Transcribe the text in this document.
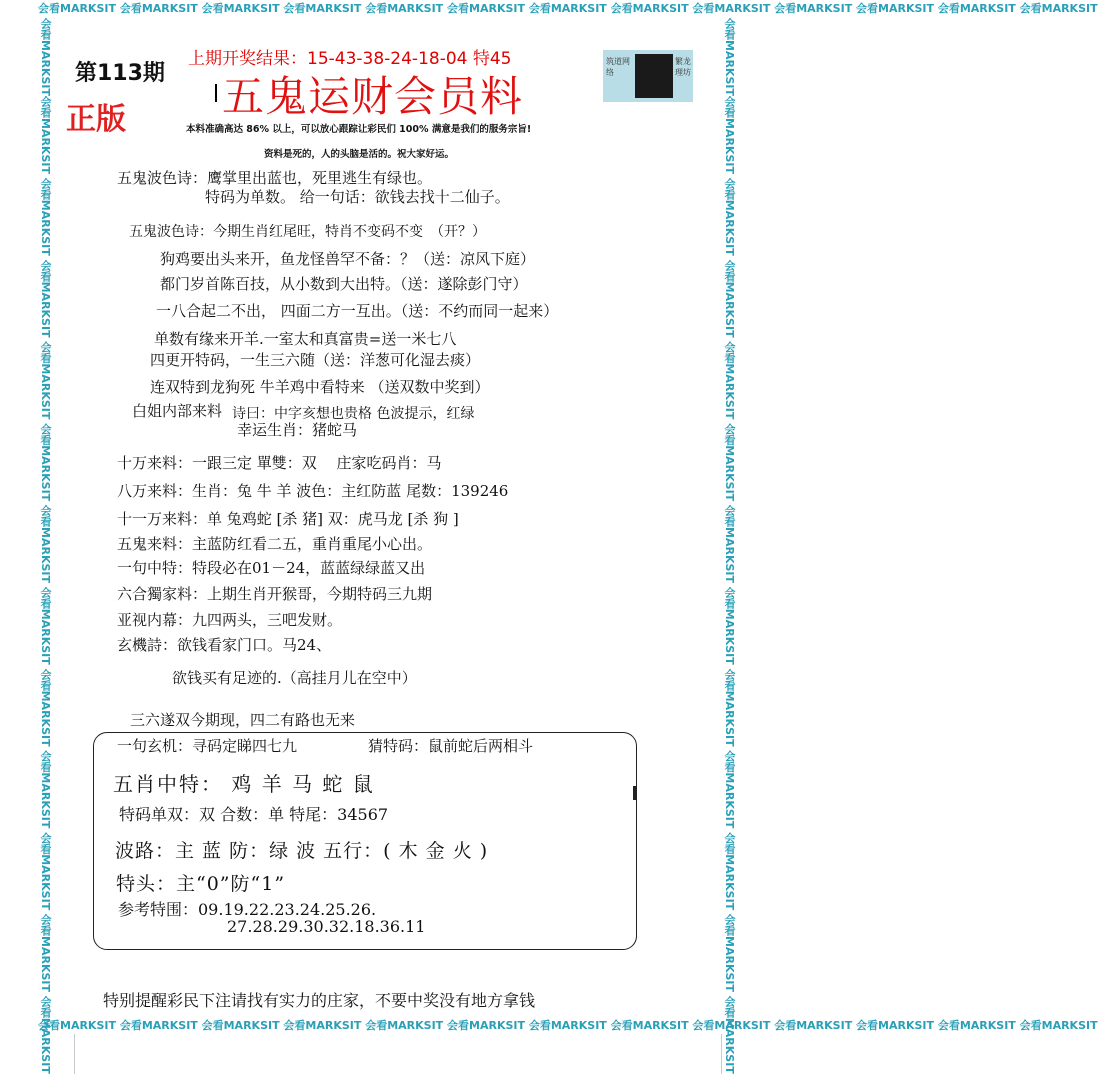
会看MARKSIT 会看MARKSIT 会看MARKSIT 会看MARKSIT 会看MARKSIT 会看MARKSIT 会看MARKSIT 会看MARKSIT 会看MARKSIT 会看MARKSIT 会看MARKSIT 会看MARKSIT 会看MARKSIT
会看MARKSIT 会看MARKSIT 会看MARKSIT 会看MARKSIT 会看MARKSIT 会看MARKSIT 会看MARKSIT 会看MARKSIT 会看MARKSIT 会看MARKSIT 会看MARKSIT 会看MARKSIT 会看MARKSIT
会看MARKSIT
会看MARKSIT 会看MARKSIT 会看MARKSIT 会看MARKSIT 会看MARKSIT 会看MARKSIT 会看MARKSIT 会看MARKSIT 会看MARKSIT 会看MARKSIT 会看MARKSIT 会看MARKSIT
会看MARKSIT
会看MARKSIT 会看MARKSIT 会看MARKSIT 会看MARKSIT 会看MARKSIT 会看MARKSIT 会看MARKSIT 会看MARKSIT 会看MARKSIT 会看MARKSIT 会看MARKSIT 会看MARKSIT
第113期
正版
上期开奖结果：15-43-38-24-18-04 特45
五鬼运财会员料
筑道网络
繁龙理坊
本料准确高达 86% 以上，可以放心跟踪让彩民们 100% 满意是我们的服务宗旨!
资料是死的，人的头脑是活的。祝大家好运。
五鬼波色诗：鹰掌里出蓝也，死里逃生有绿也。
特码为单数。 给一句话：欲钱去找十二仙子。
五鬼波色诗：今期生肖红尾旺，特肖不变码不变　（开？）
狗鸡要出头来开，鱼龙怪兽罕不备：？（送：凉风下庭）
都门岁首陈百技，从小数到大出特。（送：遂除彭门守）
一八合起二不出， 四面二方一互出。（送：不约而同一起来）
单数有缘来开羊.一室太和真富贵=送一米七八
四更开特码，一生三六随（送：洋葱可化湿去痰）
连双特到龙狗死 牛羊鸡中看特来 （送双数中奖到）
白姐内部来料 诗曰：中字亥想也贵格 色波提示，红绿
幸运生肖：猪蛇马
十万来料：一跟三定 單雙：双　 庄家吃码肖：马
八万来料：生肖：兔 牛 羊 波色：主红防蓝 尾数：139246
十一万来料：单 兔鸡蛇 [杀 猪] 双：虎马龙 [杀 狗 ]
五鬼来料：主蓝防红看二五，重肖重尾小心出。
一句中特：特段必在01－24，蓝蓝绿绿蓝又出
六合獨家料：上期生肖开猴哥，今期特码三九期
亚视内幕：九四两头，三吧发财。
玄機詩：欲钱看家门口。马24、
欲钱买有足迹的.（高挂月儿在空中）
三六遂双今期现，四二有路也无来
一句玄机：寻码定睇四七九	猜特码：鼠前蛇后两相斗
五肖中特： 鸡 羊 马 蛇 鼠
特码单双：双 合数：单 特尾：34567
波路：主 蓝 防：绿 波 五行：( 木 金 火 )
特头：主“0”防“1”
参考特围：09.19.22.23.24.25.26.
27.28.29.30.32.18.36.11
特别提醒彩民下注请找有实力的庄家，不要中奖没有地方拿钱
